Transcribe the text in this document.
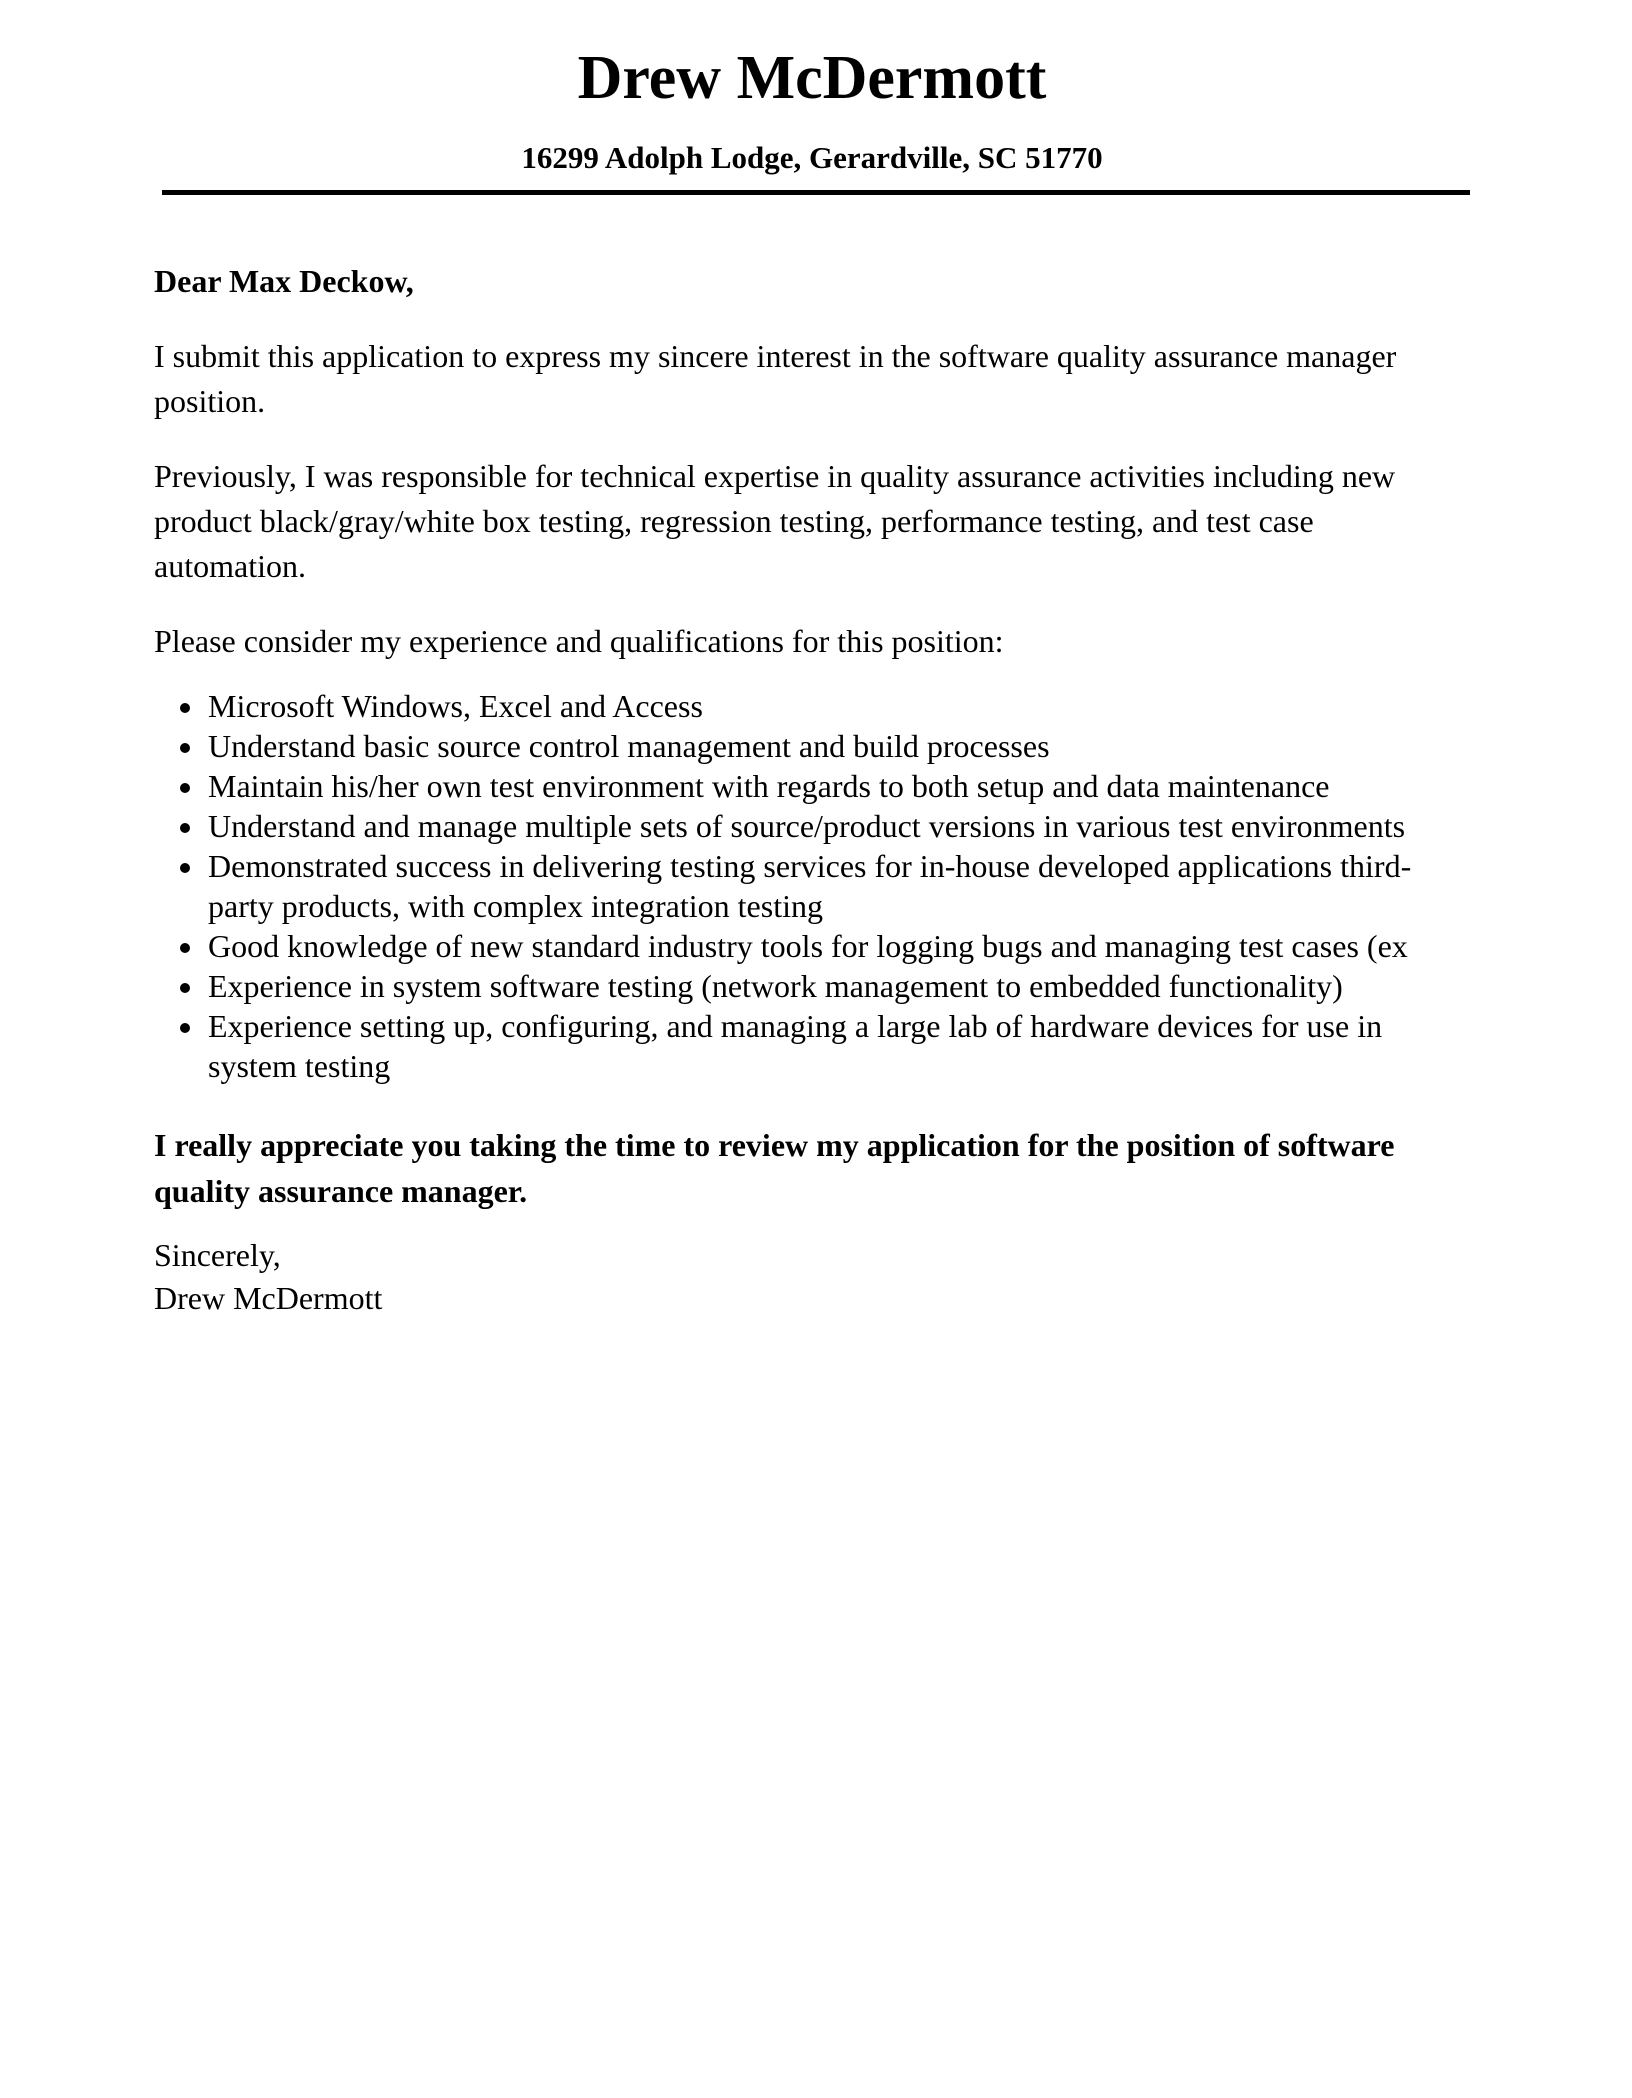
Drew McDermott
16299 Adolph Lodge, Gerardville, SC 51770
Dear Max Deckow,
I submit this application to express my sincere interest in the software quality assurance manager position.
Previously, I was responsible for technical expertise in quality assurance activities including new product black/gray/white box testing, regression testing, performance testing, and test case automation.
Please consider my experience and qualifications for this position:
• Microsoft Windows, Excel and Access
• Understand basic source control management and build processes
• Maintain his/her own test environment with regards to both setup and data maintenance
• Understand and manage multiple sets of source/product versions in various test environments
• Demonstrated success in delivering testing services for in-house developed applications third-party products, with complex integration testing
• Good knowledge of new standard industry tools for logging bugs and managing test cases (ex
• Experience in system software testing (network management to embedded functionality)
• Experience setting up, configuring, and managing a large lab of hardware devices for use in system testing
I really appreciate you taking the time to review my application for the position of software quality assurance manager.
Sincerely,
Drew McDermott
